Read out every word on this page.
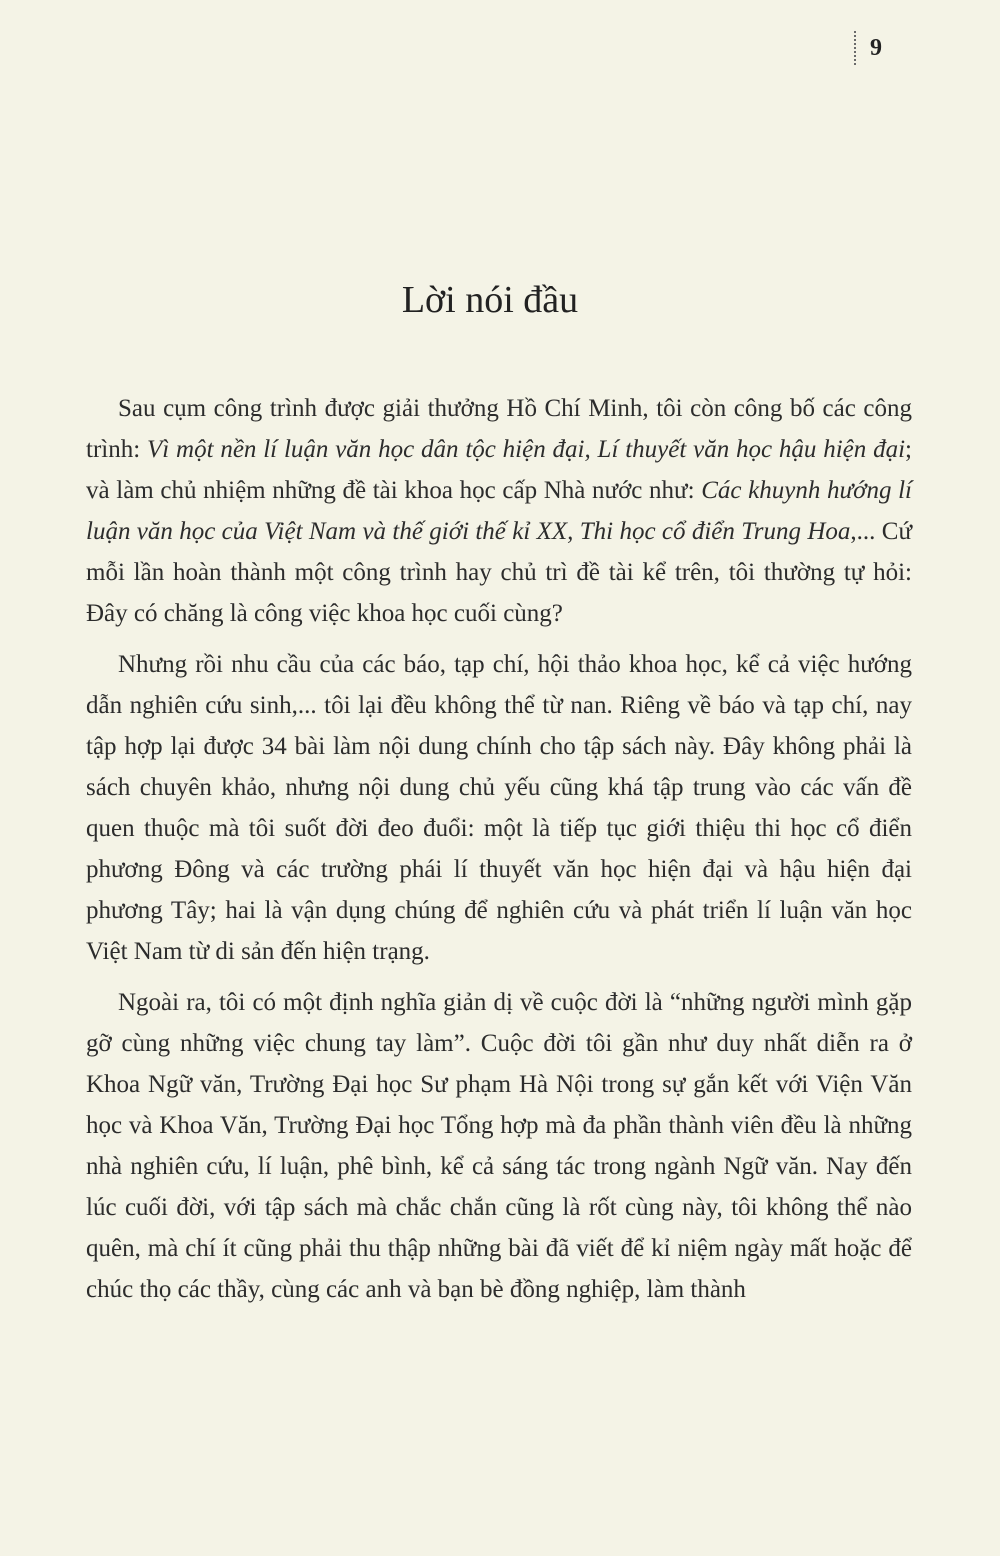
9
Lời nói đầu

Sau cụm công trình được giải thưởng Hồ Chí Minh, tôi còn công bố các công trình: Vì một nền lí luận văn học dân tộc hiện đại, Lí thuyết văn học hậu hiện đại; và làm chủ nhiệm những đề tài khoa học cấp Nhà nước như: Các khuynh hướng lí luận văn học của Việt Nam và thế giới thế kỉ XX, Thi học cổ điển Trung Hoa,... Cứ mỗi lần hoàn thành một công trình hay chủ trì đề tài kể trên, tôi thường tự hỏi: Đây có chăng là công việc khoa học cuối cùng?

Nhưng rồi nhu cầu của các báo, tạp chí, hội thảo khoa học, kể cả việc hướng dẫn nghiên cứu sinh,... tôi lại đều không thể từ nan. Riêng về báo và tạp chí, nay tập hợp lại được 34 bài làm nội dung chính cho tập sách này. Đây không phải là sách chuyên khảo, nhưng nội dung chủ yếu cũng khá tập trung vào các vấn đề quen thuộc mà tôi suốt đời đeo đuổi: một là tiếp tục giới thiệu thi học cổ điển phương Đông và các trường phái lí thuyết văn học hiện đại và hậu hiện đại phương Tây; hai là vận dụng chúng để nghiên cứu và phát triển lí luận văn học Việt Nam từ di sản đến hiện trạng.

Ngoài ra, tôi có một định nghĩa giản dị về cuộc đời là “những người mình gặp gỡ cùng những việc chung tay làm”. Cuộc đời tôi gần như duy nhất diễn ra ở Khoa Ngữ văn, Trường Đại học Sư phạm Hà Nội trong sự gắn kết với Viện Văn học và Khoa Văn, Trường Đại học Tổng hợp mà đa phần thành viên đều là những nhà nghiên cứu, lí luận, phê bình, kể cả sáng tác trong ngành Ngữ văn. Nay đến lúc cuối đời, với tập sách mà chắc chắn cũng là rốt cùng này, tôi không thể nào quên, mà chí ít cũng phải thu thập những bài đã viết để kỉ niệm ngày mất hoặc để chúc thọ các thầy, cùng các anh và bạn bè đồng nghiệp, làm thành
